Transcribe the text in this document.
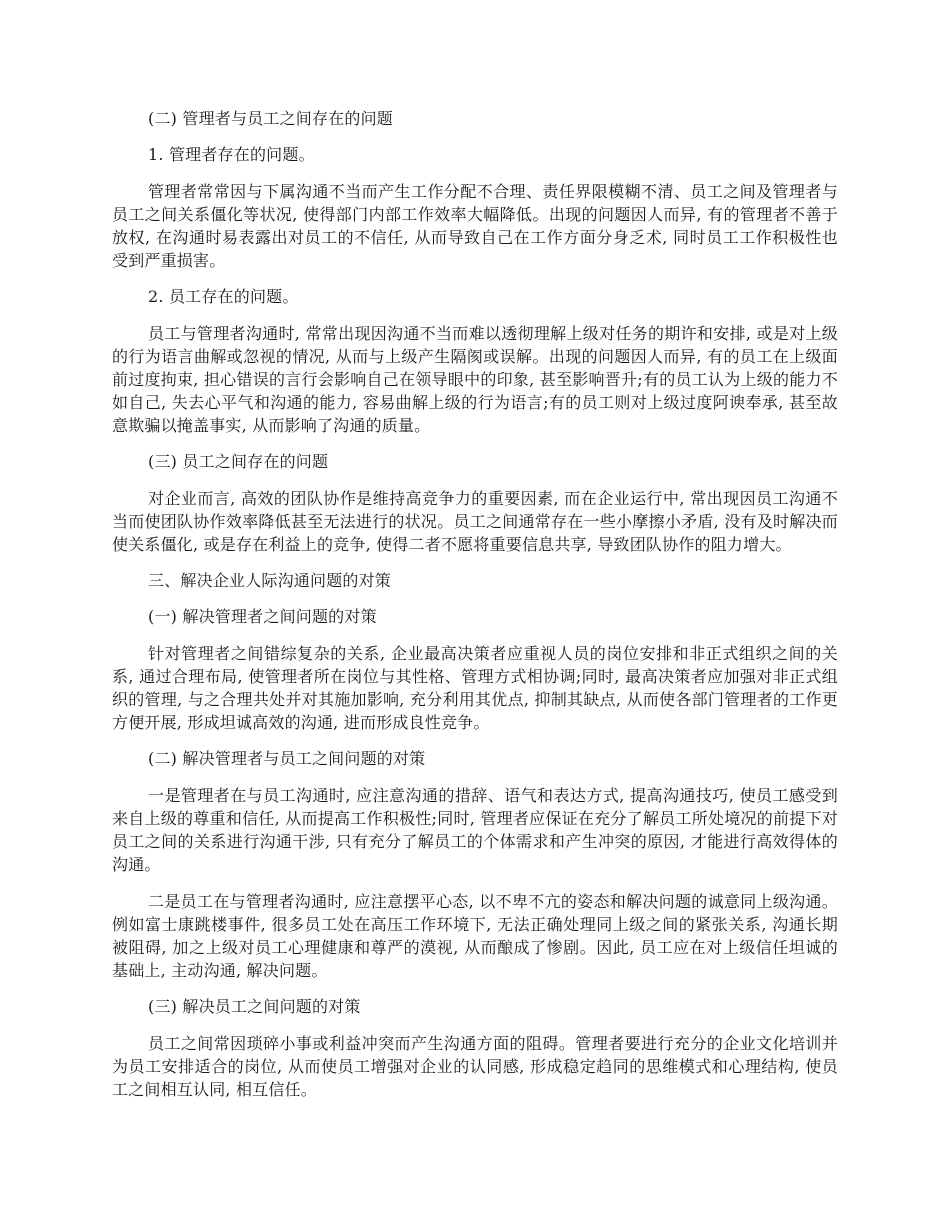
(二) 管理者与员工之间存在的问题

1. 管理者存在的问题。

管理者常常因与下属沟通不当而产生工作分配不合理、责任界限模糊不清、员工之间及管理者与员工之间关系僵化等状况, 使得部门内部工作效率大幅降低。出现的问题因人而异, 有的管理者不善于放权, 在沟通时易表露出对员工的不信任, 从而导致自己在工作方面分身乏术, 同时员工工作积极性也受到严重损害。

2. 员工存在的问题。

员工与管理者沟通时, 常常出现因沟通不当而难以透彻理解上级对任务的期许和安排, 或是对上级的行为语言曲解或忽视的情况, 从而与上级产生隔阂或误解。出现的问题因人而异, 有的员工在上级面前过度拘束, 担心错误的言行会影响自己在领导眼中的印象, 甚至影响晋升;有的员工认为上级的能力不如自己, 失去心平气和沟通的能力, 容易曲解上级的行为语言;有的员工则对上级过度阿谀奉承, 甚至故意欺骗以掩盖事实, 从而影响了沟通的质量。

(三) 员工之间存在的问题

对企业而言, 高效的团队协作是维持高竞争力的重要因素, 而在企业运行中, 常出现因员工沟通不当而使团队协作效率降低甚至无法进行的状况。员工之间通常存在一些小摩擦小矛盾, 没有及时解决而使关系僵化, 或是存在利益上的竞争, 使得二者不愿将重要信息共享, 导致团队协作的阻力增大。

三、解决企业人际沟通问题的对策

(一) 解决管理者之间问题的对策

针对管理者之间错综复杂的关系, 企业最高决策者应重视人员的岗位安排和非正式组织之间的关系, 通过合理布局, 使管理者所在岗位与其性格、管理方式相协调;同时, 最高决策者应加强对非正式组织的管理, 与之合理共处并对其施加影响, 充分利用其优点, 抑制其缺点, 从而使各部门管理者的工作更方便开展, 形成坦诚高效的沟通, 进而形成良性竞争。

(二) 解决管理者与员工之间问题的对策

一是管理者在与员工沟通时, 应注意沟通的措辞、语气和表达方式, 提高沟通技巧, 使员工感受到来自上级的尊重和信任, 从而提高工作积极性;同时, 管理者应保证在充分了解员工所处境况的前提下对员工之间的关系进行沟通干涉, 只有充分了解员工的个体需求和产生冲突的原因, 才能进行高效得体的沟通。

二是员工在与管理者沟通时, 应注意摆平心态, 以不卑不亢的姿态和解决问题的诚意同上级沟通。例如富士康跳楼事件, 很多员工处在高压工作环境下, 无法正确处理同上级之间的紧张关系, 沟通长期被阻碍, 加之上级对员工心理健康和尊严的漠视, 从而酿成了惨剧。因此, 员工应在对上级信任坦诚的基础上, 主动沟通, 解决问题。

(三) 解决员工之间问题的对策

员工之间常因琐碎小事或利益冲突而产生沟通方面的阻碍。管理者要进行充分的企业文化培训并为员工安排适合的岗位, 从而使员工增强对企业的认同感, 形成稳定趋同的思维模式和心理结构, 使员工之间相互认同, 相互信任。
